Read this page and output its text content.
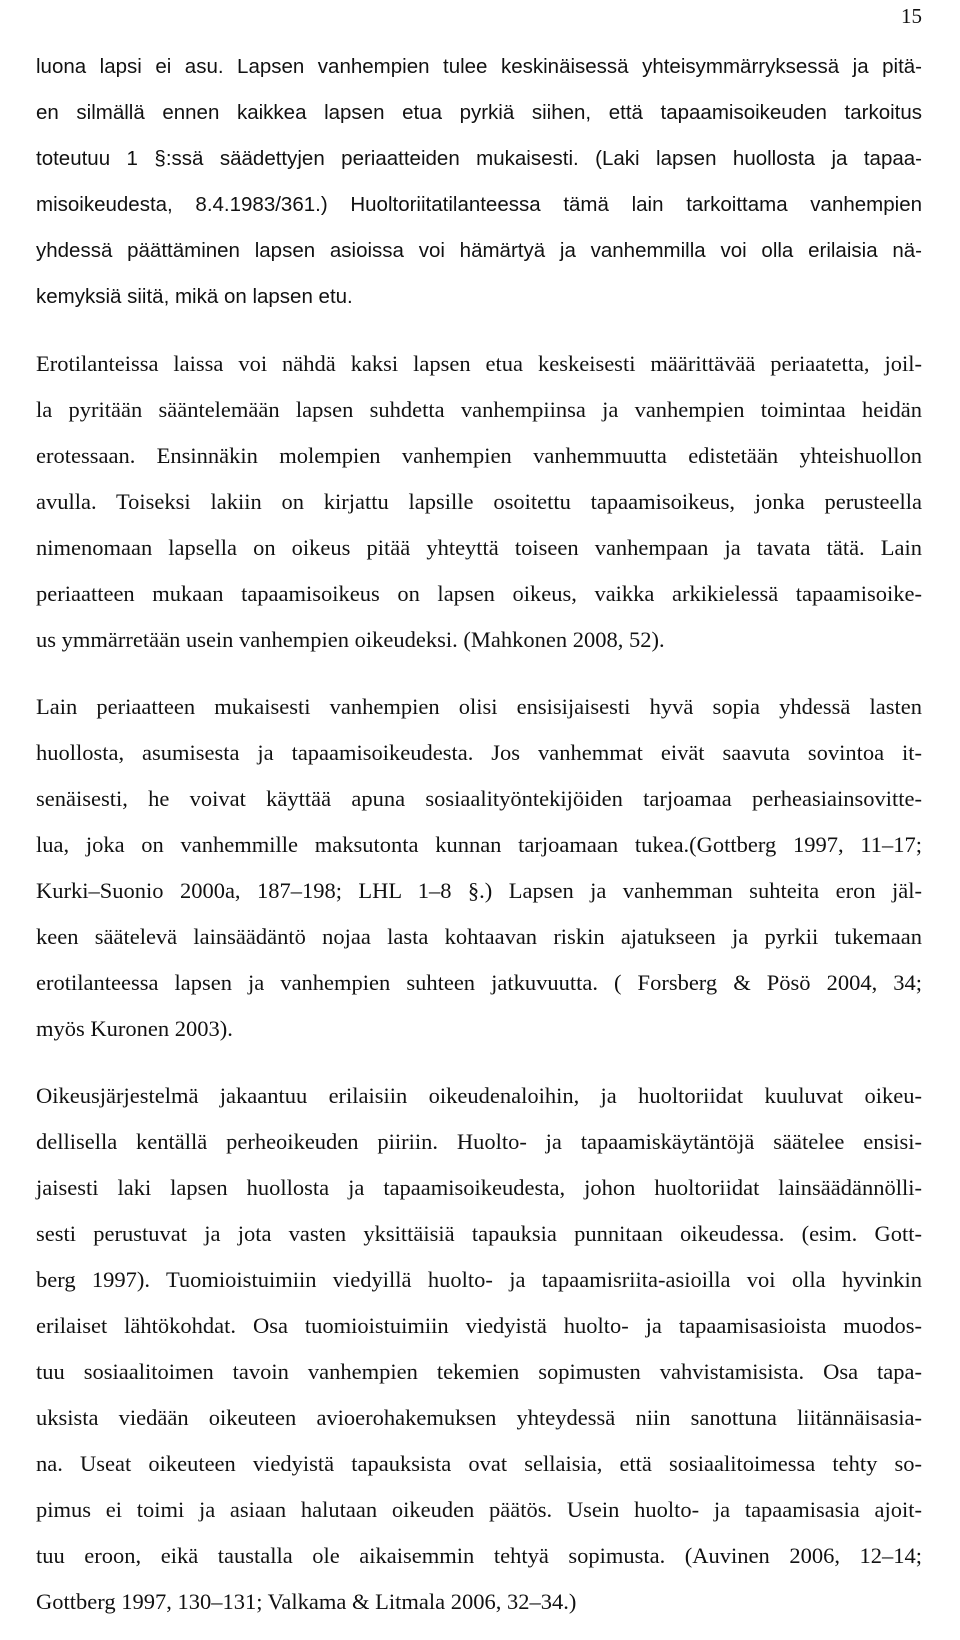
15
luona lapsi ei asu. Lapsen vanhempien tulee keskinäisessä yhteisymmärryksessä ja pitä-
en silmällä ennen kaikkea lapsen etua pyrkiä siihen, että tapaamisoikeuden tarkoitus
toteutuu 1 §:ssä säädettyjen periaatteiden mukaisesti. (Laki lapsen huollosta ja tapaa-
misoikeudesta, 8.4.1983/361.) Huoltoriitatilanteessa tämä lain tarkoittama vanhempien
yhdessä päättäminen lapsen asioissa voi hämärtyä ja vanhemmilla voi olla erilaisia nä-
kemyksiä siitä, mikä on lapsen etu.
Erotilanteissa laissa voi nähdä kaksi lapsen etua keskeisesti määrittävää periaatetta, joil-
la pyritään sääntelemään lapsen suhdetta vanhempiinsa ja vanhempien toimintaa heidän
erotessaan. Ensinnäkin molempien vanhempien vanhemmuutta edistetään yhteishuollon
avulla. Toiseksi lakiin on kirjattu lapsille osoitettu tapaamisoikeus, jonka perusteella
nimenomaan lapsella on oikeus pitää yhteyttä toiseen vanhempaan ja tavata tätä. Lain
periaatteen mukaan tapaamisoikeus on lapsen oikeus, vaikka arkikielessä tapaamisoike-
us ymmärretään usein vanhempien oikeudeksi. (Mahkonen 2008, 52).
Lain periaatteen mukaisesti vanhempien olisi ensisijaisesti hyvä sopia yhdessä lasten
huollosta, asumisesta ja tapaamisoikeudesta. Jos vanhemmat eivät saavuta sovintoa it-
senäisesti, he voivat käyttää apuna sosiaalityöntekijöiden tarjoamaa perheasiainsovitte-
lua, joka on vanhemmille maksutonta kunnan tarjoamaan tukea.(Gottberg 1997, 11–17;
Kurki–Suonio 2000a, 187–198; LHL 1–8 §.) Lapsen ja vanhemman suhteita eron jäl-
keen säätelevä lainsäädäntö nojaa lasta kohtaavan riskin ajatukseen ja pyrkii tukemaan
erotilanteessa lapsen ja vanhempien suhteen jatkuvuutta. ( Forsberg & Pösö 2004, 34;
myös Kuronen 2003).
Oikeusjärjestelmä jakaantuu erilaisiin oikeudenaloihin, ja huoltoriidat kuuluvat oikeu-
dellisella kentällä perheoikeuden piiriin. Huolto- ja tapaamiskäytäntöjä säätelee ensisi-
jaisesti laki lapsen huollosta ja tapaamisoikeudesta, johon huoltoriidat lainsäädännölli-
sesti perustuvat ja jota vasten yksittäisiä tapauksia punnitaan oikeudessa. (esim. Gott-
berg 1997). Tuomioistuimiin viedyillä huolto- ja tapaamisriita-asioilla voi olla hyvinkin
erilaiset lähtökohdat. Osa tuomioistuimiin viedyistä huolto- ja tapaamisasioista muodos-
tuu sosiaalitoimen tavoin vanhempien tekemien sopimusten vahvistamisista. Osa tapa-
uksista viedään oikeuteen avioerohakemuksen yhteydessä niin sanottuna liitännäisasia-
na. Useat oikeuteen viedyistä tapauksista ovat sellaisia, että sosiaalitoimessa tehty so-
pimus ei toimi ja asiaan halutaan oikeuden päätös. Usein huolto- ja tapaamisasia ajoit-
tuu eroon, eikä taustalla ole aikaisemmin tehtyä sopimusta. (Auvinen 2006, 12–14;
Gottberg 1997, 130–131; Valkama & Litmala 2006, 32–34.)
